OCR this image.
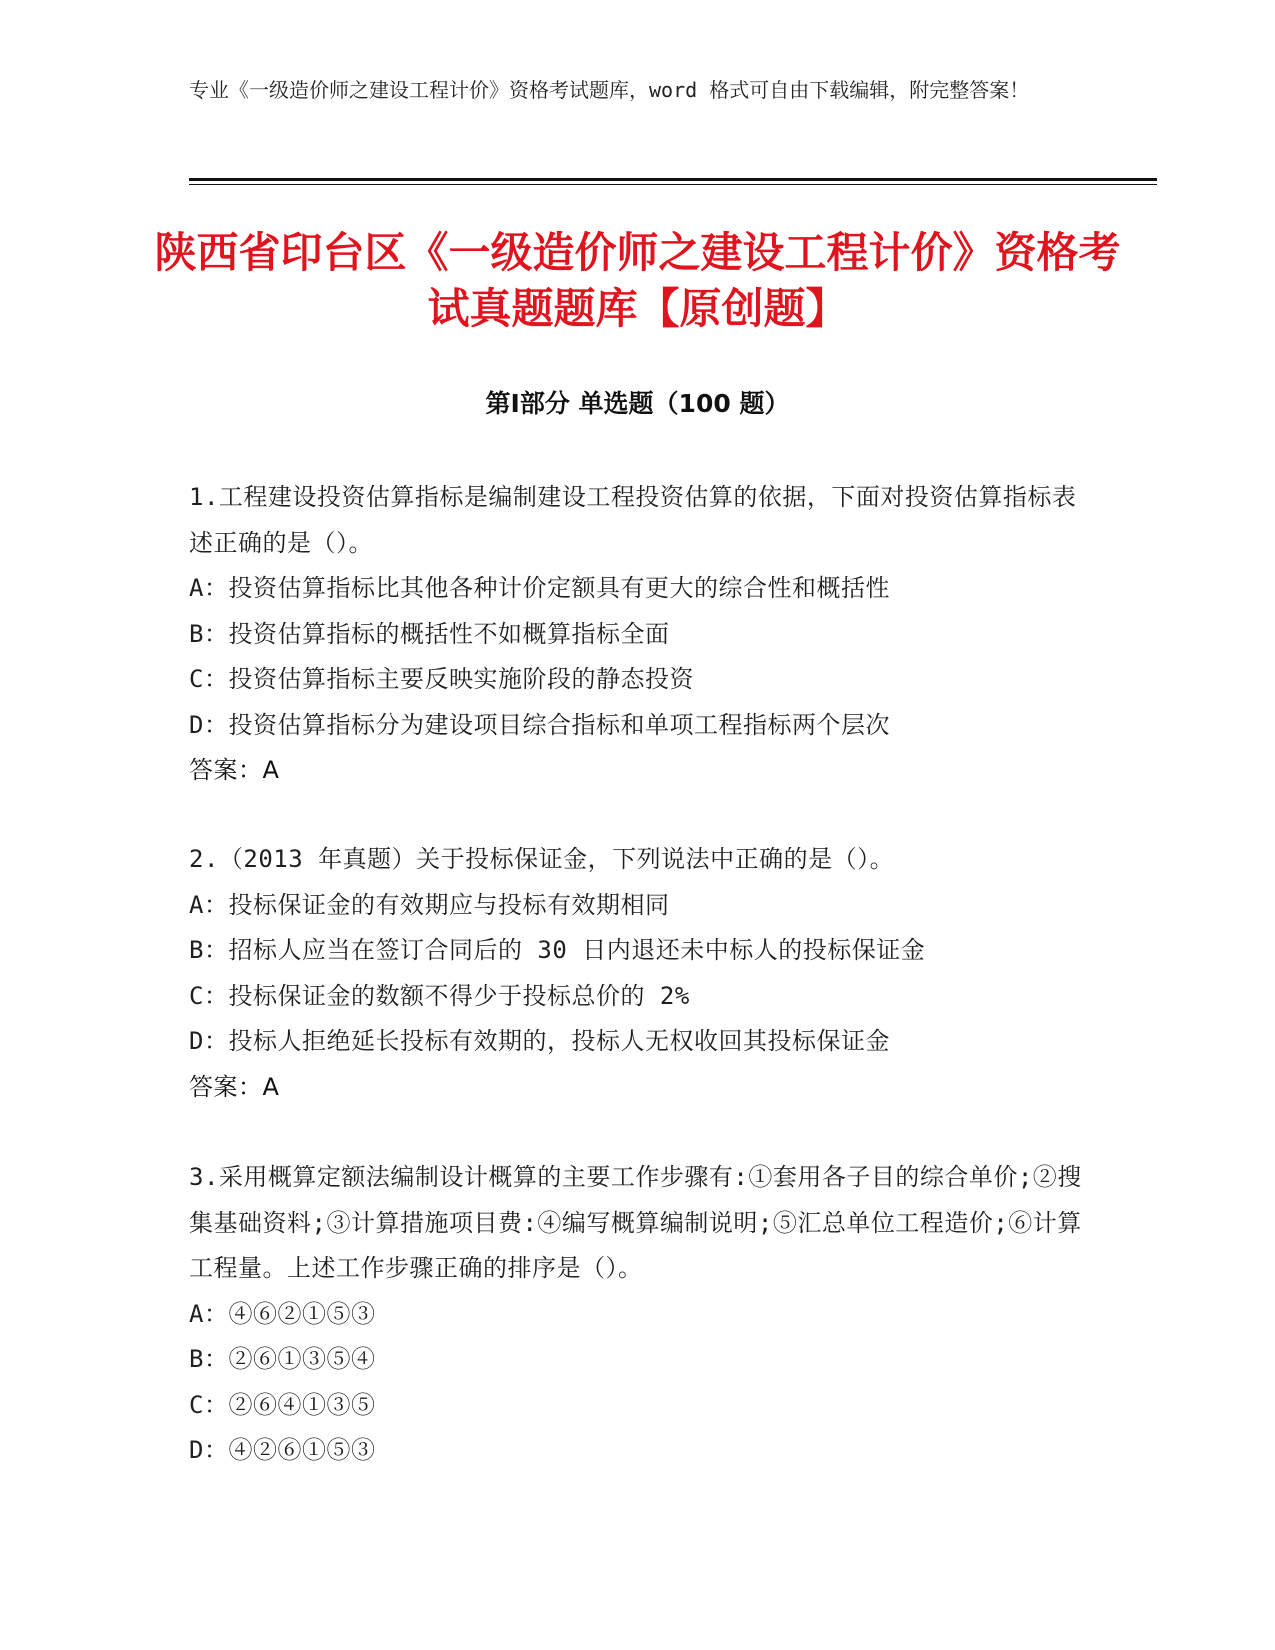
专业《一级造价师之建设工程计价》资格考试题库，word 格式可自由下载编辑，附完整答案！
陕西省印台区《一级造价师之建设工程计价》资格考试真题题库【原创题】
第Ⅰ部分 单选题（100 题）

1.工程建设投资估算指标是编制建设工程投资估算的依据，下面对投资估算指标表述正确的是（）。

A：投资估算指标比其他各种计价定额具有更大的综合性和概括性

B：投资估算指标的概括性不如概算指标全面

C：投资估算指标主要反映实施阶段的静态投资

D：投资估算指标分为建设项目综合指标和单项工程指标两个层次

答案：A

2.（2013 年真题）关于投标保证金，下列说法中正确的是（）。

A：投标保证金的有效期应与投标有效期相同

B：招标人应当在签订合同后的 30 日内退还未中标人的投标保证金

C：投标保证金的数额不得少于投标总价的 2%

D：投标人拒绝延长投标有效期的，投标人无权收回其投标保证金

答案：A

3.采用概算定额法编制设计概算的主要工作步骤有:①套用各子目的综合单价;②搜集基础资料;③计算措施项目费:④编写概算编制说明;⑤汇总单位工程造价;⑥计算工程量。上述工作步骤正确的排序是（）。

A：④⑥②①⑤③

B：②⑥①③⑤④

C：②⑥④①③⑤

D：④②⑥①⑤③
